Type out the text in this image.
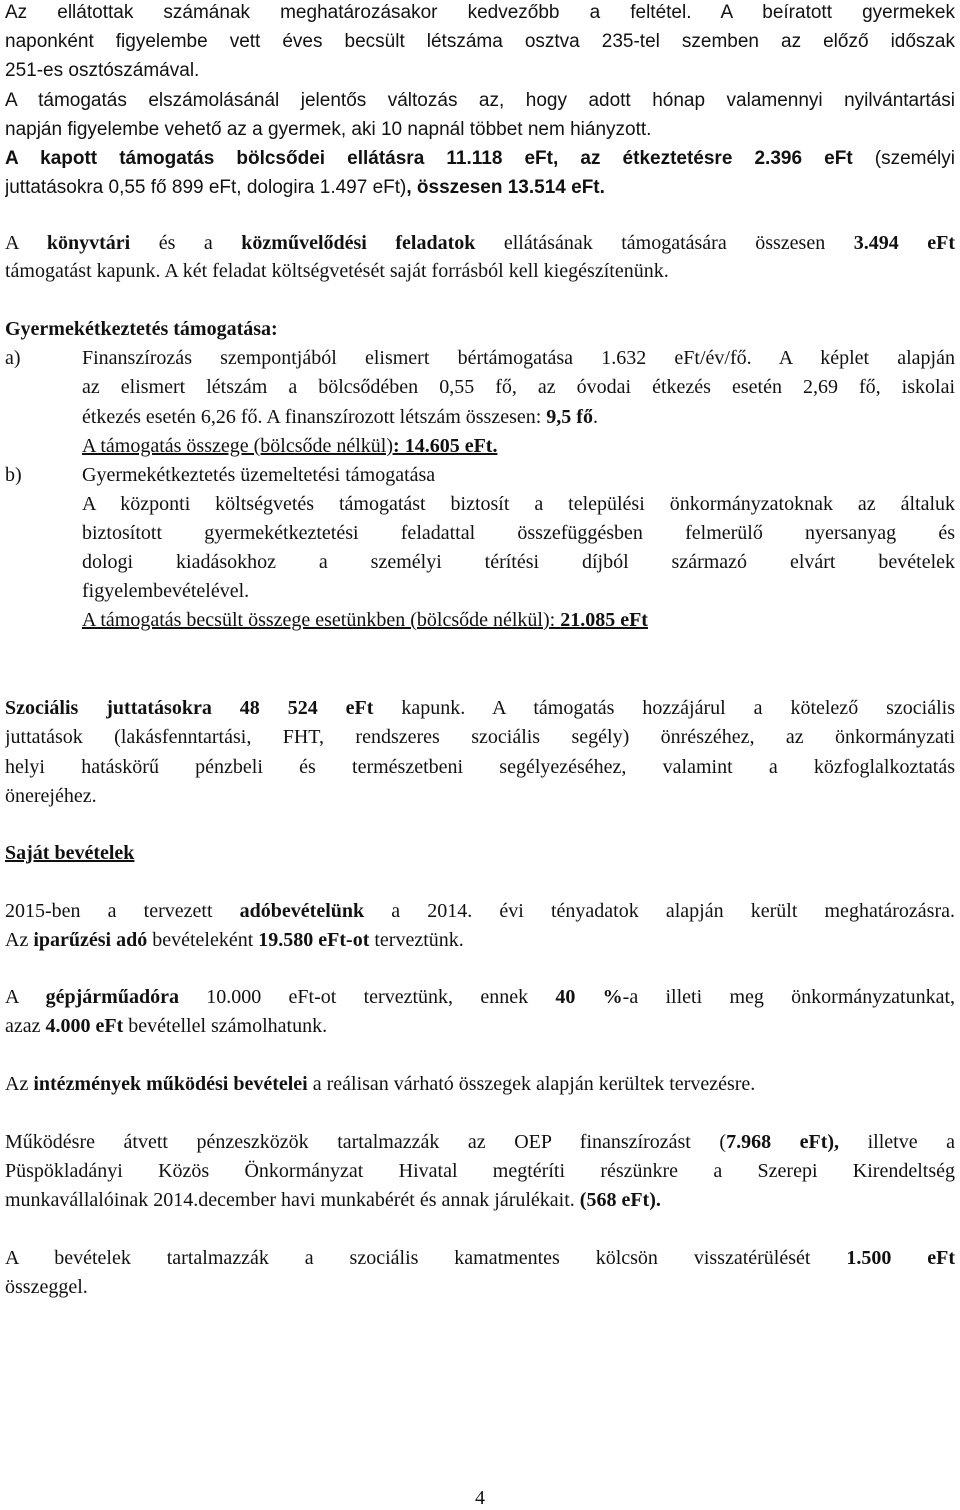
Az ellátottak számának meghatározásakor kedvezőbb a feltétel. A beíratott gyermekek
naponként figyelembe vett éves becsült létszáma osztva 235-tel szemben az előző időszak
251-es osztószámával.
A támogatás elszámolásánál jelentős változás az, hogy adott hónap valamennyi nyilvántartási
napján figyelembe vehető az a gyermek, aki 10 napnál többet nem hiányzott.
A kapott támogatás bölcsődei ellátásra 11.118 eFt, az étkeztetésre 2.396 eFt (személyi
juttatásokra 0,55 fő 899 eFt, dologira 1.497 eFt), összesen 13.514 eFt.
A könyvtári és a közművelődési feladatok ellátásának támogatására összesen 3.494 eFt
támogatást kapunk. A két feladat költségvetését saját forrásból kell kiegészítenünk.
Gyermekétkeztetés támogatása:
a)	Finanszírozás szempontjából elismert bértámogatása 1.632 eFt/év/fő. A képlet alapján
az elismert létszám a bölcsődében 0,55 fő, az óvodai étkezés esetén 2,69 fő, iskolai
étkezés esetén 6,26 fő. A finanszírozott létszám összesen: 9,5 fő.
A támogatás összege (bölcsőde nélkül): 14.605 eFt.
b)	Gyermekétkeztetés üzemeltetési támogatása
A központi költségvetés támogatást biztosít a települési önkormányzatoknak az általuk
biztosított gyermekétkeztetési feladattal összefüggésben felmerülő nyersanyag és
dologi kiadásokhoz a személyi térítési díjból származó elvárt bevételek
figyelembevételével.
A támogatás becsült összege esetünkben (bölcsőde nélkül): 21.085 eFt
Szociális juttatásokra 48 524 eFt kapunk. A támogatás hozzájárul a kötelező szociális
juttatások (lakásfenntartási, FHT, rendszeres szociális segély) önrészéhez, az önkormányzati
helyi hatáskörű pénzbeli és természetbeni segélyezéséhez, valamint a közfoglalkoztatás
önerejéhez.
Saját bevételek
2015-ben a tervezett adóbevételünk a 2014. évi tényadatok alapján került meghatározásra.
Az iparűzési adó bevételeként 19.580 eFt-ot terveztünk.
A gépjárműadóra 10.000 eFt-ot terveztünk, ennek 40 %-a illeti meg önkormányzatunkat,
azaz 4.000 eFt bevétellel számolhatunk.
Az intézmények működési bevételei a reálisan várható összegek alapján kerültek tervezésre.
Működésre átvett pénzeszközök tartalmazzák az OEP finanszírozást (7.968 eFt), illetve a
Püspökladányi Közös Önkormányzat Hivatal megtéríti részünkre a Szerepi Kirendeltség
munkavállalóinak 2014.december havi munkabérét és annak járulékait. (568 eFt).
A bevételek tartalmazzák a szociális kamatmentes kölcsön visszatérülését 1.500 eFt
összeggel.
4
